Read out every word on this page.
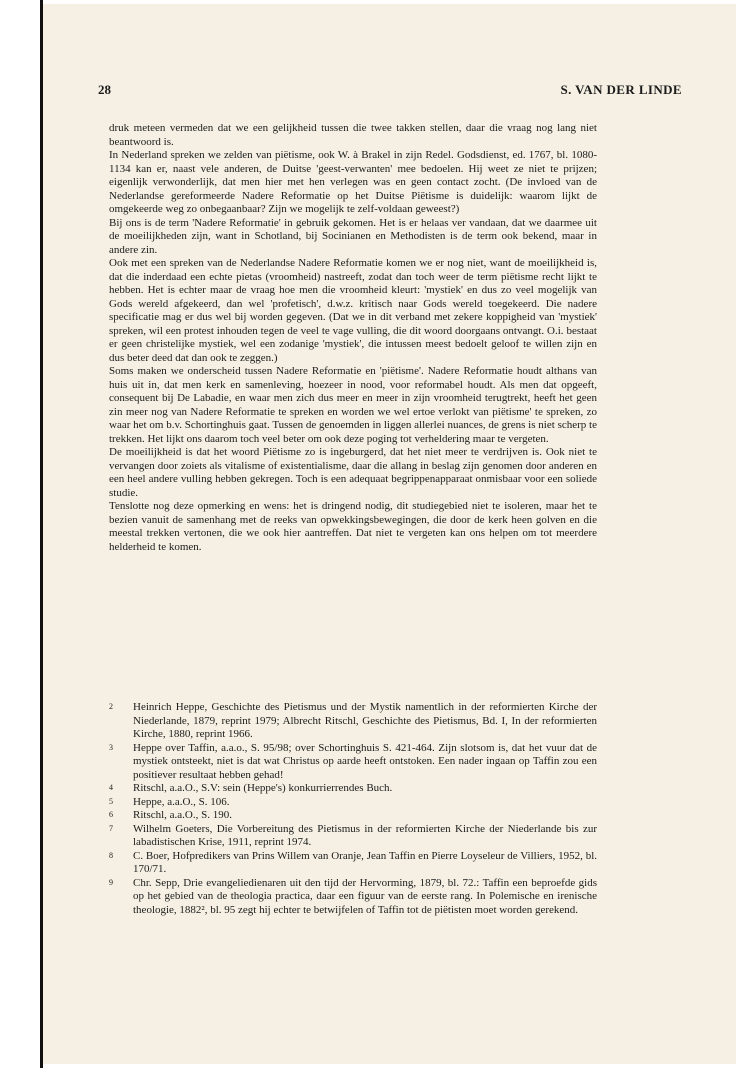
28	S. VAN DER LINDE

druk meteen vermeden dat we een gelijkheid tussen die twee takken stellen, daar die vraag nog lang niet beantwoord is.

In Nederland spreken we zelden van piëtisme, ook W. à Brakel in zijn Redel. Godsdienst, ed. 1767, bl. 1080-1134 kan er, naast vele anderen, de Duitse 'geest-verwanten' mee bedoelen. Hij weet ze niet te prijzen; eigenlijk verwonderlijk, dat men hier met hen verlegen was en geen contact zocht. (De invloed van de Nederlandse gereformeerde Nadere Reformatie op het Duitse Piëtisme is duidelijk: waarom lijkt de omgekeerde weg zo onbegaanbaar? Zijn we mogelijk te zelf-voldaan geweest?)

Bij ons is de term 'Nadere Reformatie' in gebruik gekomen. Het is er helaas ver vandaan, dat we daarmee uit de moeilijkheden zijn, want in Schotland, bij Socinianen en Methodisten is de term ook bekend, maar in andere zin.

Ook met een spreken van de Nederlandse Nadere Reformatie komen we er nog niet, want de moeilijkheid is, dat die inderdaad een echte pietas (vroomheid) nastreeft, zodat dan toch weer de term piëtisme recht lijkt te hebben. Het is echter maar de vraag hoe men die vroomheid kleurt: 'mystiek' en dus zo veel mogelijk van Gods wereld afgekeerd, dan wel 'profetisch', d.w.z. kritisch naar Gods wereld toegekeerd. Die nadere specificatie mag er dus wel bij worden gegeven. (Dat we in dit verband met zekere koppigheid van 'mystiek' spreken, wil een protest inhouden tegen de veel te vage vulling, die dit woord doorgaans ontvangt. O.i. bestaat er geen christelijke mystiek, wel een zodanige 'mystiek', die intussen meest bedoelt geloof te willen zijn en dus beter deed dat dan ook te zeggen.)

Soms maken we onderscheid tussen Nadere Reformatie en 'piëtisme'. Nadere Reformatie houdt althans van huis uit in, dat men kerk en samenleving, hoezeer in nood, voor reformabel houdt. Als men dat opgeeft, consequent bij De Labadie, en waar men zich dus meer en meer in zijn vroomheid terugtrekt, heeft het geen zin meer nog van Nadere Reformatie te spreken en worden we wel ertoe verlokt van piëtisme' te spreken, zo waar het om b.v. Schortinghuis gaat. Tussen de genoemden in liggen allerlei nuances, de grens is niet scherp te trekken. Het lijkt ons daarom toch veel beter om ook deze poging tot verheldering maar te vergeten.

De moeilijkheid is dat het woord Piëtisme zo is ingeburgerd, dat het niet meer te verdrijven is. Ook niet te vervangen door zoiets als vitalisme of existentialisme, daar die allang in beslag zijn genomen door anderen en een heel andere vulling hebben gekregen. Toch is een adequaat begrippenapparaat onmisbaar voor een soliede studie.

Tenslotte nog deze opmerking en wens: het is dringend nodig, dit studiegebied niet te isoleren, maar het te bezien vanuit de samenhang met de reeks van opwekkingsbewegingen, die door de kerk heen golven en die meestal trekken vertonen, die we ook hier aantreffen. Dat niet te vergeten kan ons helpen om tot meerdere helderheid te komen.

2	Heinrich Heppe, Geschichte des Pietismus und der Mystik namentlich in der reformierten Kirche der Niederlande, 1879, reprint 1979; Albrecht Ritschl, Geschichte des Pietismus, Bd. I, In der reformierten Kirche, 1880, reprint 1966.

3	Heppe over Taffin, a.a.o., S. 95/98; over Schortinghuis S. 421-464. Zijn slotsom is, dat het vuur dat de mystiek ontsteekt, niet is dat wat Christus op aarde heeft ontstoken. Een nader ingaan op Taffin zou een positiever resultaat hebben gehad!

4	Ritschl, a.a.O., S.V: sein (Heppe's) konkurrierrendes Buch.

5	Heppe, a.a.O., S. 106.

6	Ritschl, a.a.O., S. 190.

7	Wilhelm Goeters, Die Vorbereitung des Pietismus in der reformierten Kirche der Niederlande bis zur labadistischen Krise, 1911, reprint 1974.

8	C. Boer, Hofpredikers van Prins Willem van Oranje, Jean Taffin en Pierre Loyseleur de Villiers, 1952, bl. 170/71.

9	Chr. Sepp, Drie evangeliedienaren uit den tijd der Hervorming, 1879, bl. 72.: Taffin een beproefde gids op het gebied van de theologia practica, daar een figuur van de eerste rang. In Polemische en irenische theologie, 1882², bl. 95 zegt hij echter te betwijfelen of Taffin tot de piëtisten moet worden gerekend.
